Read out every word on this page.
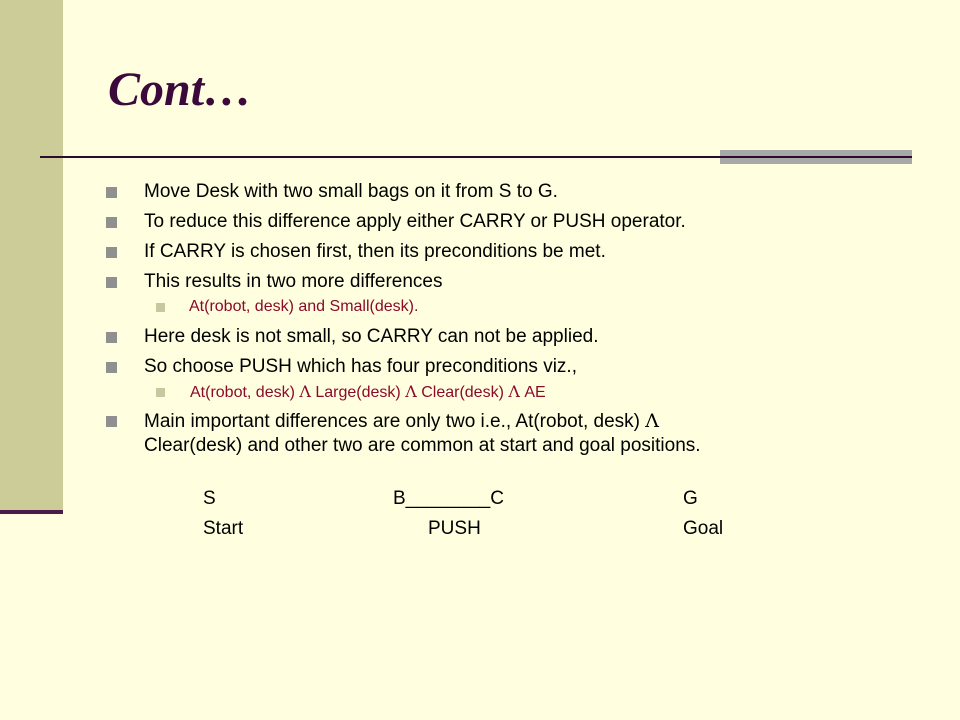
Cont…
Move Desk with two small bags on it from S to G.
To reduce this difference apply either CARRY or PUSH operator.
If CARRY is chosen first, then its preconditions be met.
This results in two more differences
At(robot, desk) and Small(desk).
Here desk is not small, so CARRY can not be applied.
So choose PUSH which has four preconditions viz.,
At(robot, desk) Λ Large(desk) Λ Clear(desk) Λ AE
Main important differences are only two i.e., At(robot, desk) Λ
Clear(desk) and other two are common at start and goal positions.
S	B________C	G
Start	PUSH	Goal
